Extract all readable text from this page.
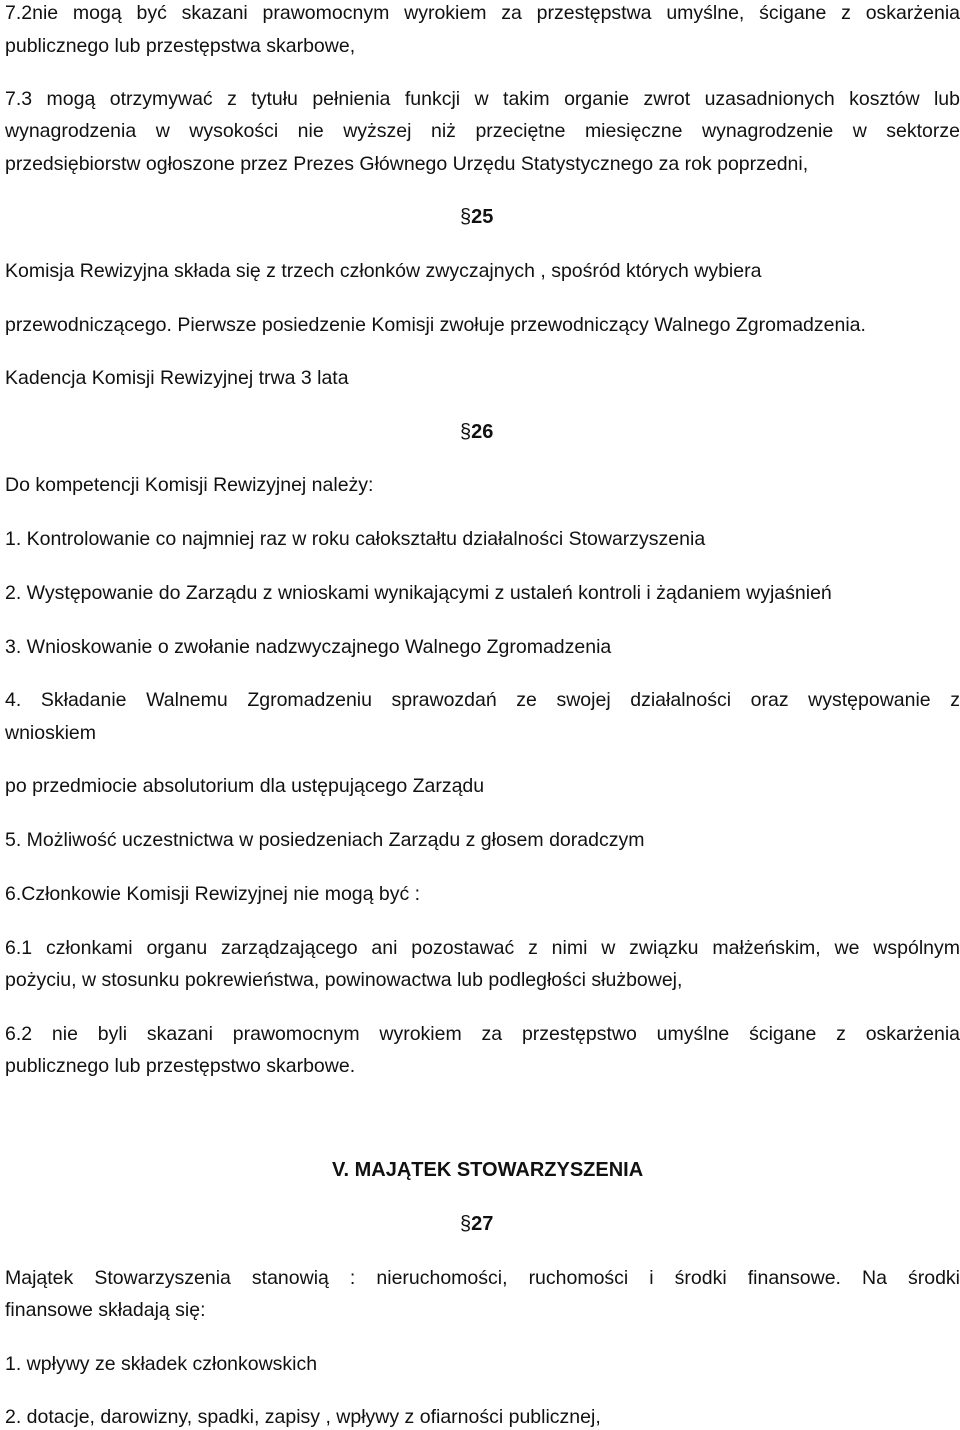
7.2nie mogą być skazani prawomocnym wyrokiem za przestępstwa umyślne, ścigane z oskarżenia
publicznego lub przestępstwa skarbowe,
7.3 mogą otrzymywać z tytułu pełnienia funkcji w takim organie zwrot uzasadnionych kosztów lub
wynagrodzenia w wysokości nie wyższej niż przeciętne miesięczne wynagrodzenie w sektorze
przedsiębiorstw ogłoszone przez Prezes Głównego Urzędu Statystycznego za rok poprzedni,
§25
Komisja Rewizyjna składa się z trzech członków zwyczajnych , spośród których wybiera
przewodniczącego. Pierwsze posiedzenie Komisji zwołuje przewodniczący Walnego Zgromadzenia.
Kadencja Komisji Rewizyjnej trwa 3 lata
§26
Do kompetencji Komisji Rewizyjnej należy:
1. Kontrolowanie co najmniej raz w roku całokształtu działalności Stowarzyszenia
2. Występowanie do Zarządu z wnioskami wynikającymi z ustaleń kontroli i żądaniem wyjaśnień
3. Wnioskowanie o zwołanie nadzwyczajnego Walnego Zgromadzenia
4. Składanie Walnemu Zgromadzeniu sprawozdań ze swojej działalności oraz występowanie z
wnioskiem
po przedmiocie absolutorium dla ustępującego Zarządu
5. Możliwość uczestnictwa w posiedzeniach Zarządu z głosem doradczym
6.Członkowie Komisji Rewizyjnej nie mogą być :
6.1 członkami organu zarządzającego ani pozostawać z nimi w związku małżeńskim, we wspólnym
pożyciu, w stosunku pokrewieństwa, powinowactwa lub podległości służbowej,
6.2 nie byli skazani prawomocnym wyrokiem za przestępstwo umyślne ścigane z oskarżenia
publicznego lub przestępstwo skarbowe.
V. MAJĄTEK STOWARZYSZENIA
§27
Majątek Stowarzyszenia stanowią : nieruchomości, ruchomości i środki finansowe. Na środki
finansowe składają się:
1. wpływy ze składek członkowskich
2. dotacje, darowizny, spadki, zapisy , wpływy z ofiarności publicznej,
